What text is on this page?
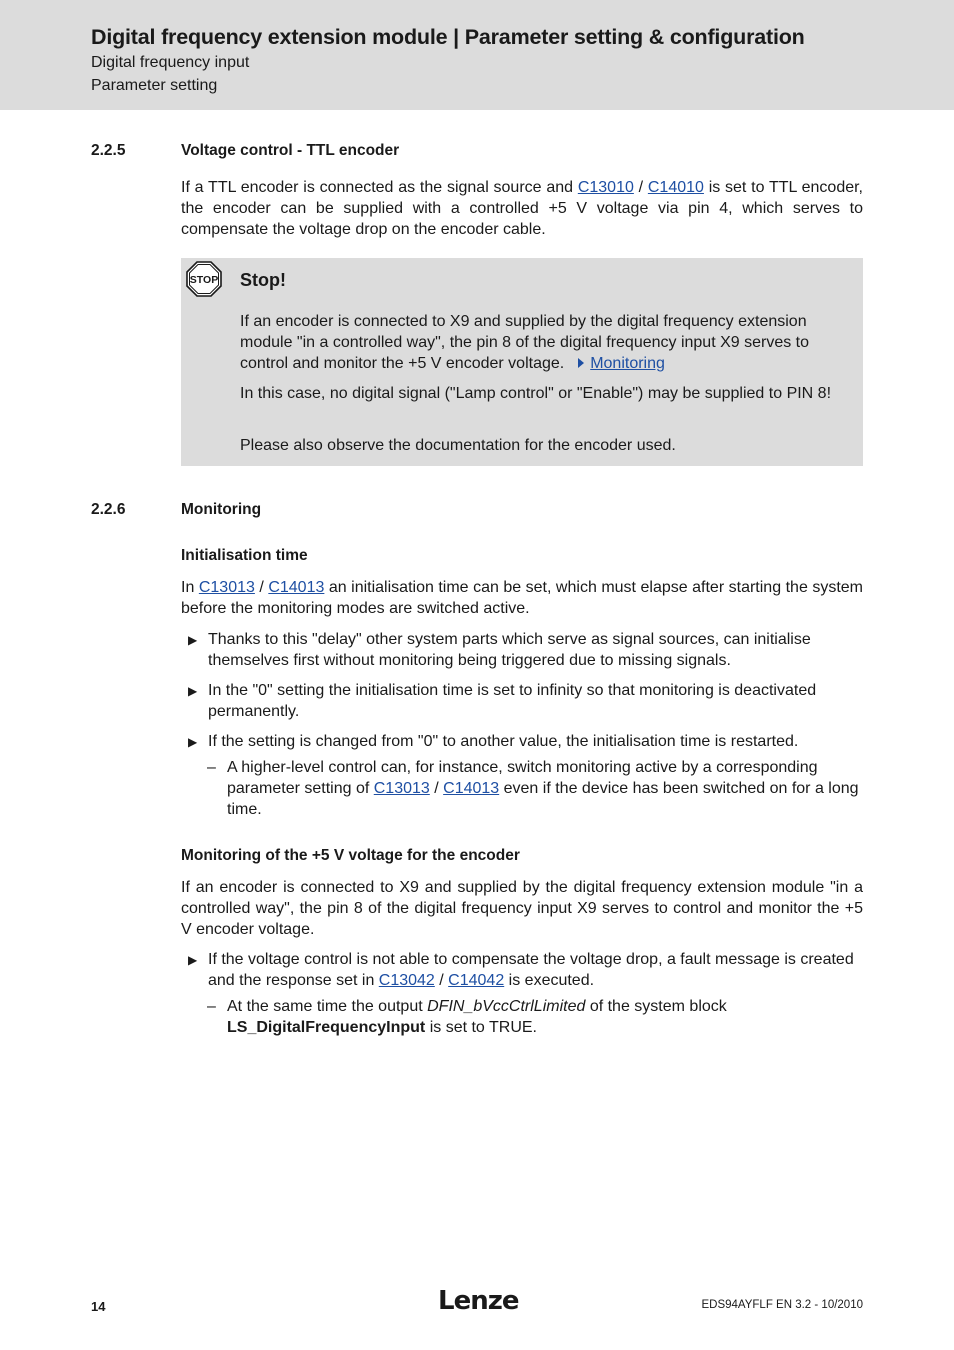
Digital frequency extension module | Parameter setting & configuration
Digital frequency input
Parameter setting
2.2.5	Voltage control - TTL encoder
If a TTL encoder is connected as the signal source and C13010 / C14010 is set to TTL encoder, the encoder can be supplied with a controlled +5 V voltage via pin 4, which serves to compensate the voltage drop on the encoder cable.
STOP Stop!
If an encoder is connected to X9 and supplied by the digital frequency extension module "in a controlled way", the pin 8 of the digital frequency input X9 serves to control and monitor the +5 V encoder voltage. Monitoring
In this case, no digital signal ("Lamp control" or "Enable") may be supplied to PIN 8!
Please also observe the documentation for the encoder used.
2.2.6	Monitoring
Initialisation time
In C13013 / C14013 an initialisation time can be set, which must elapse after starting the system before the monitoring modes are switched active.
▶ Thanks to this "delay" other system parts which serve as signal sources, can initialise themselves first without monitoring being triggered due to missing signals.
▶ In the "0" setting the initialisation time is set to infinity so that monitoring is deactivated permanently.
▶ If the setting is changed from "0" to another value, the initialisation time is restarted.
– A higher-level control can, for instance, switch monitoring active by a corresponding parameter setting of C13013 / C14013 even if the device has been switched on for a long time.
Monitoring of the +5 V voltage for the encoder
If an encoder is connected to X9 and supplied by the digital frequency extension module "in a controlled way", the pin 8 of the digital frequency input X9 serves to control and monitor the +5 V encoder voltage.
▶ If the voltage control is not able to compensate the voltage drop, a fault message is created and the response set in C13042 / C14042 is executed.
– At the same time the output DFIN_bVccCtrlLimited of the system block LS_DigitalFrequencyInput is set to TRUE.
14	Lenze	EDS94AYFLF EN 3.2 - 10/2010
